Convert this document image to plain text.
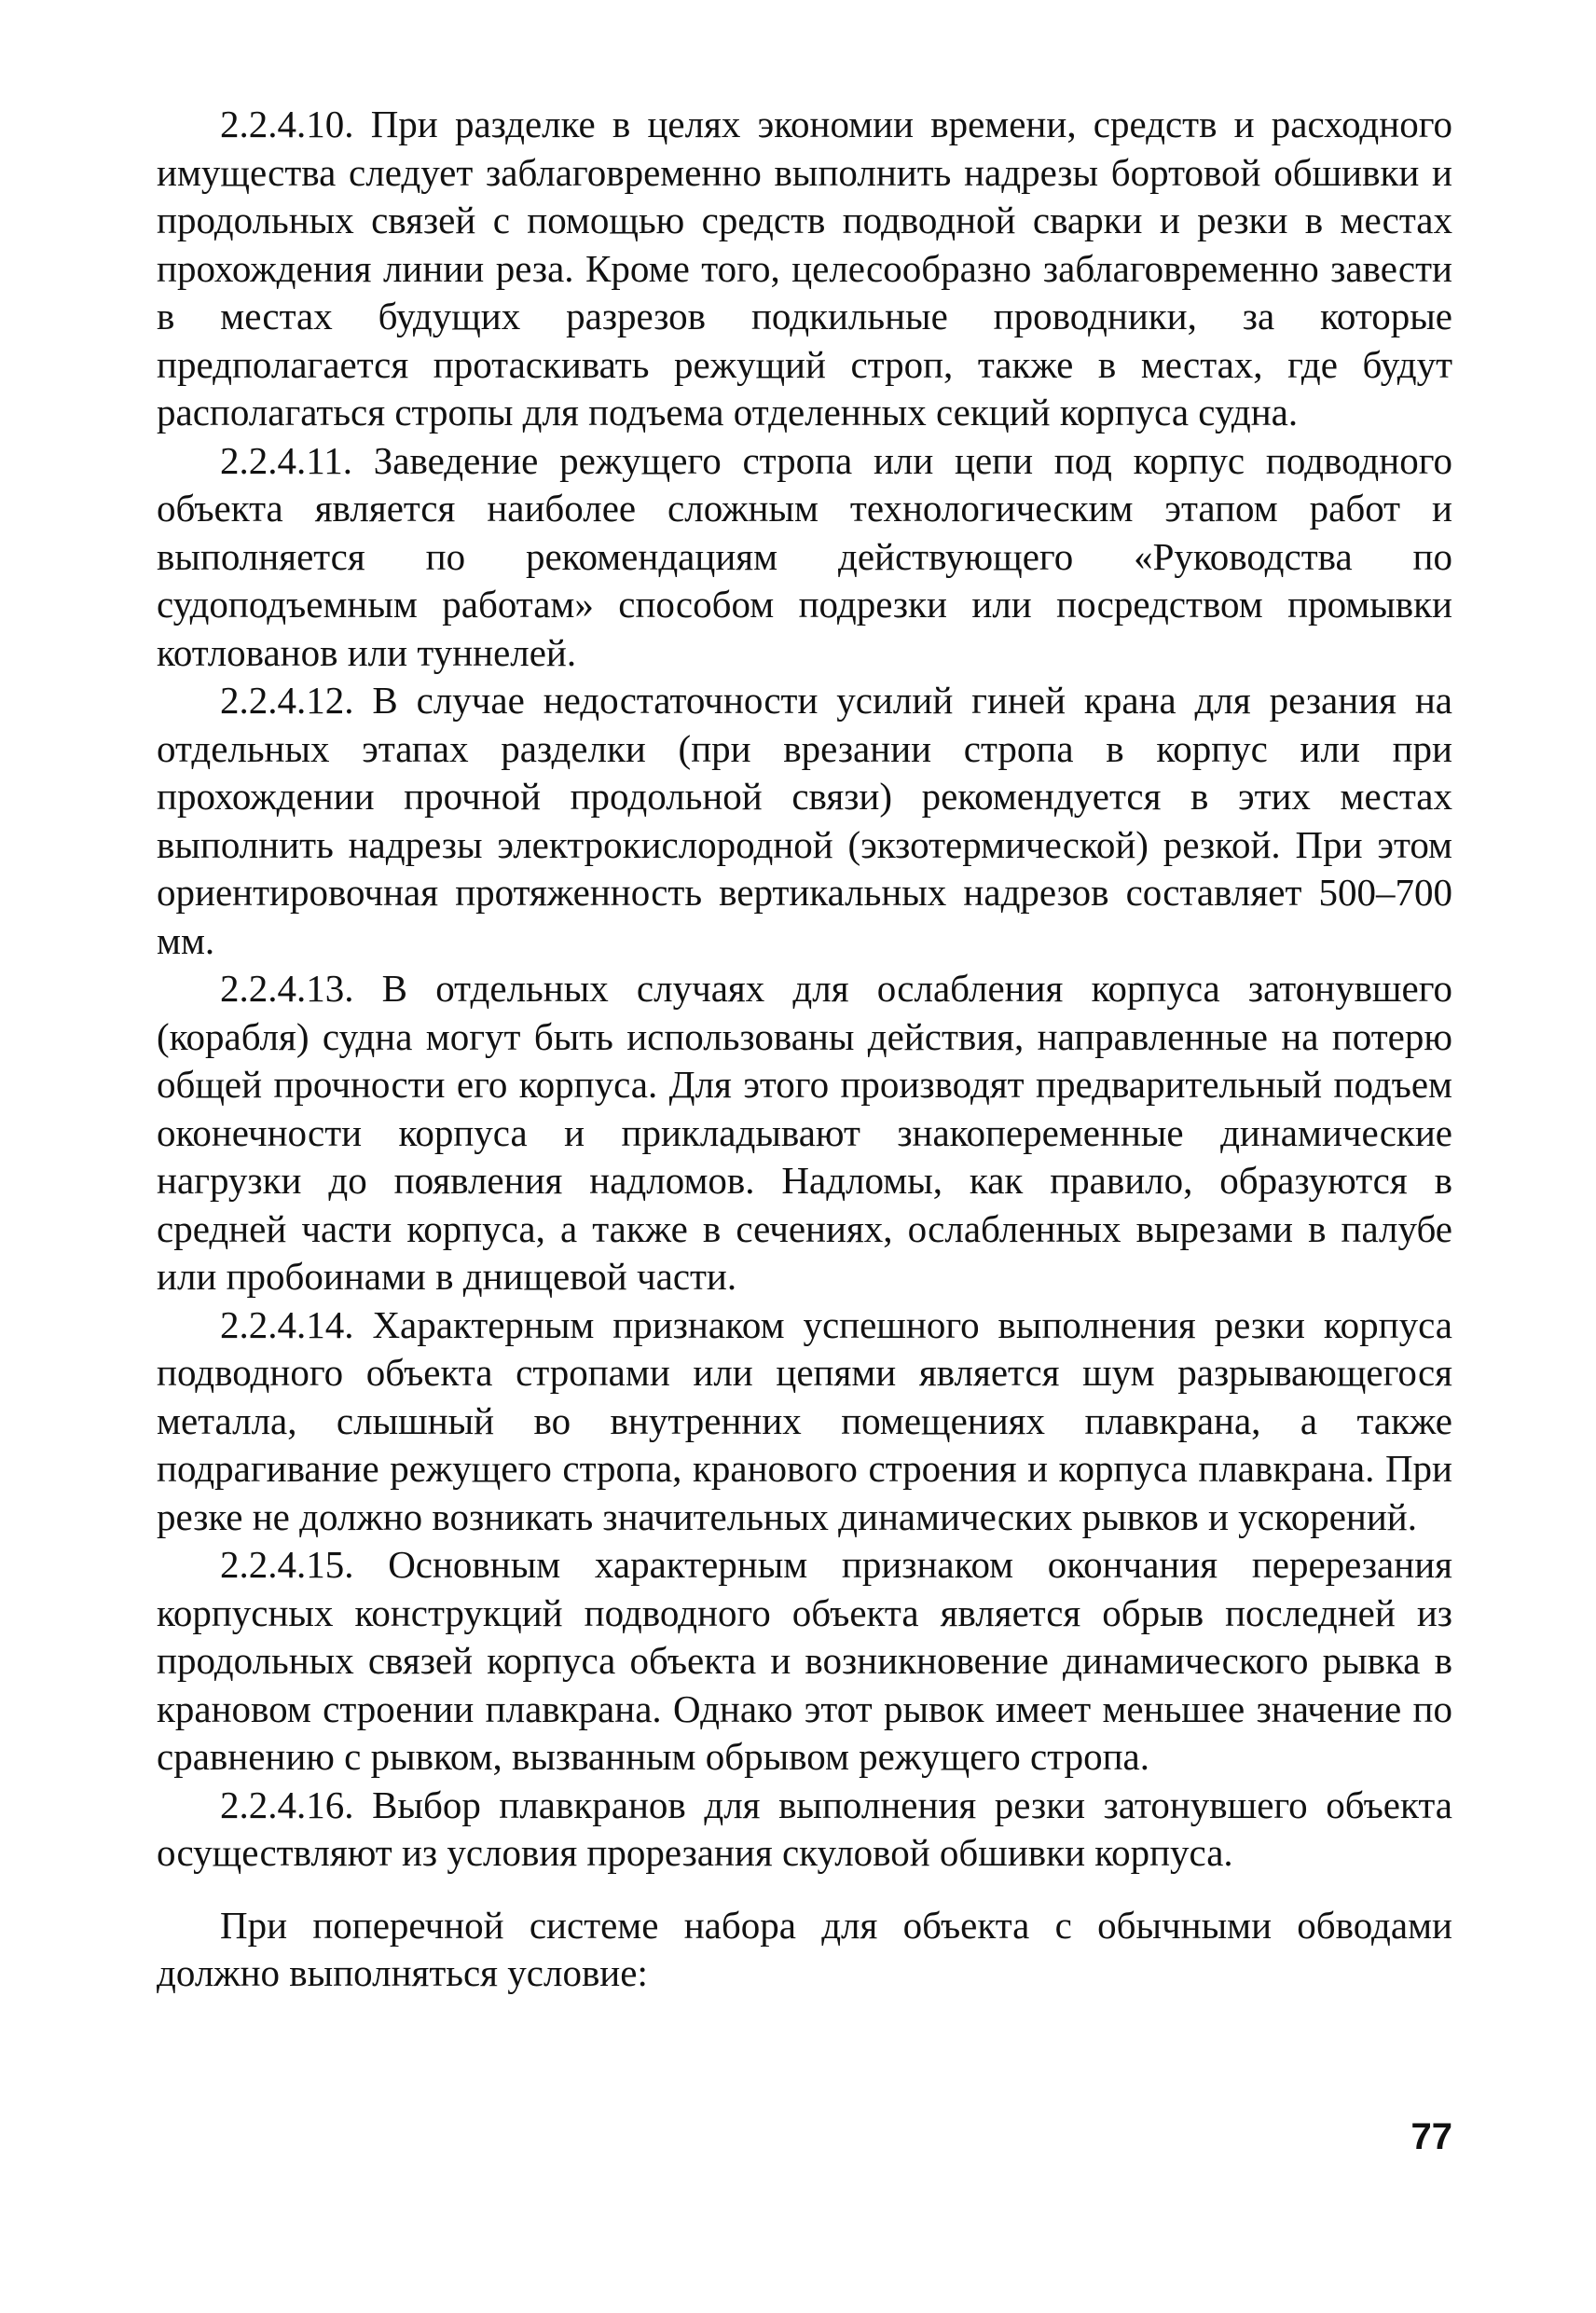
2.2.4.10. При разделке в целях экономии времени, средств и расходного имущества следует заблаговременно выполнить надрезы бортовой обшивки и продольных связей с помощью средств подводной сварки и резки в местах прохождения линии реза. Кроме того, целесообразно заблаговременно завести в местах будущих разрезов подкильные проводники, за которые предполагается протаскивать режущий строп, также в местах, где будут располагаться стропы для подъема отделенных секций корпуса судна.

2.2.4.11. Заведение режущего стропа или цепи под корпус подводного объекта является наиболее сложным технологическим этапом работ и выполняется по рекомендациям действующего «Руководства по судоподъемным работам» способом подрезки или посредством промывки котлованов или туннелей.

2.2.4.12. В случае недостаточности усилий гиней крана для резания на отдельных этапах разделки (при врезании стропа в корпус или при прохождении прочной продольной связи) рекомендуется в этих местах выполнить надрезы электрокислородной (экзотермической) резкой. При этом ориентировочная протяженность вертикальных надрезов составляет 500–700 мм.

2.2.4.13. В отдельных случаях для ослабления корпуса затонувшего (корабля) судна могут быть использованы действия, направленные на потерю общей прочности его корпуса. Для этого производят предварительный подъем оконечности корпуса и прикладывают знакопеременные динамические нагрузки до появления надломов. Надломы, как правило, образуются в средней части корпуса, а также в сечениях, ослабленных вырезами в палубе или пробоинами в днищевой части.

2.2.4.14. Характерным признаком успешного выполнения резки корпуса подводного объекта стропами или цепями является шум разрывающегося металла, слышный во внутренних помещениях плавкрана, а также подрагивание режущего стропа, кранового строения и корпуса плавкрана. При резке не должно возникать значительных динамических рывков и ускорений.

2.2.4.15. Основным характерным признаком окончания перерезания корпусных конструкций подводного объекта является обрыв последней из продольных связей корпуса объекта и возникновение динамического рывка в крановом строении плавкрана. Однако этот рывок имеет меньшее значение по сравнению с рывком, вызванным обрывом режущего стропа.

2.2.4.16. Выбор плавкранов для выполнения резки затонувшего объекта осуществляют из условия прорезания скуловой обшивки корпуса.

При поперечной системе набора для объекта с обычными обводами должно выполняться условие:

77
